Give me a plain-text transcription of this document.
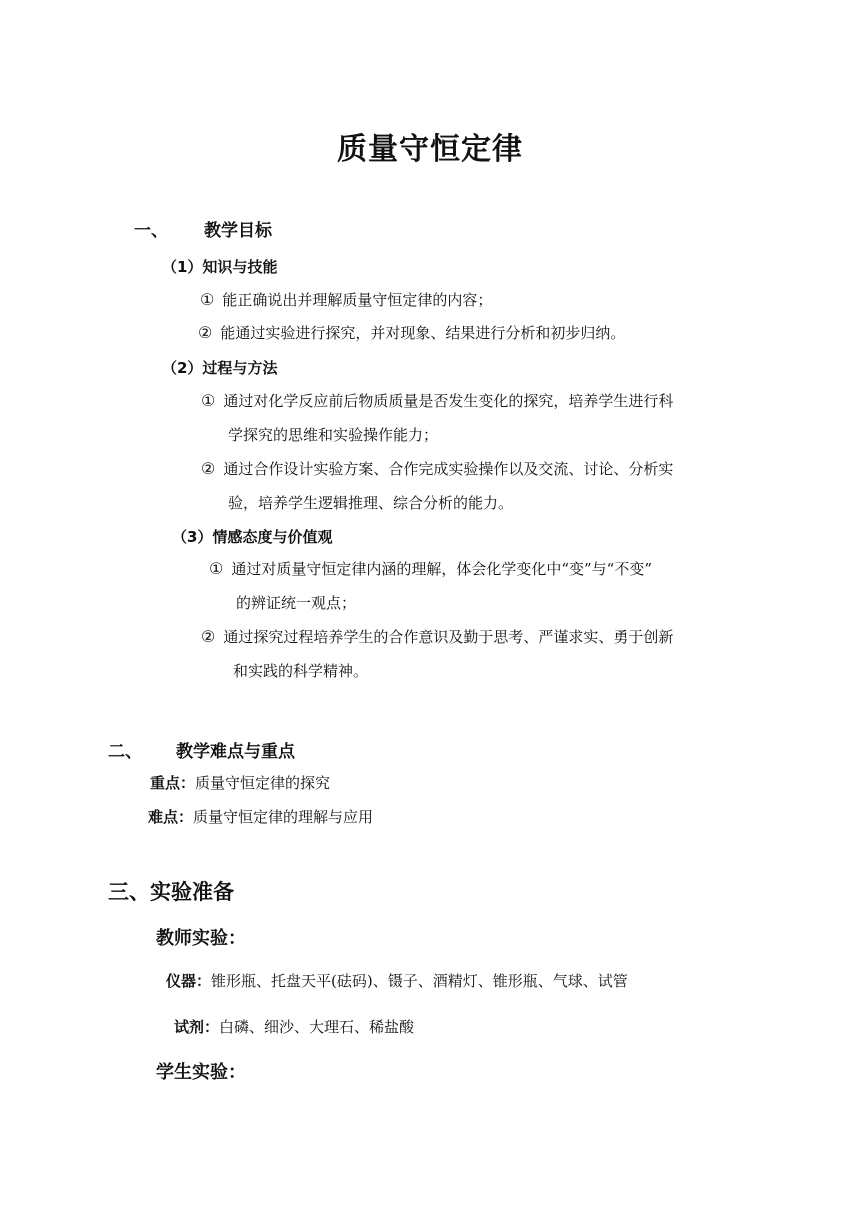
质量守恒定律
一、 教学目标
（1）知识与技能
① 能正确说出并理解质量守恒定律的内容；
② 能通过实验进行探究，并对现象、结果进行分析和初步归纳。
（2）过程与方法
① 通过对化学反应前后物质质量是否发生变化的探究，培养学生进行科
学探究的思维和实验操作能力；
② 通过合作设计实验方案、合作完成实验操作以及交流、讨论、分析实
验，培养学生逻辑推理、综合分析的能力。
（3）情感态度与价值观
① 通过对质量守恒定律内涵的理解，体会化学变化中“变”与“不变”
的辨证统一观点；
② 通过探究过程培养学生的合作意识及勤于思考、严谨求实、勇于创新
和实践的科学精神。
二、 教学难点与重点
重点：质量守恒定律的探究
难点：质量守恒定律的理解与应用
三、实验准备
教师实验：
仪器：锥形瓶、托盘天平(砝码)、镊子、酒精灯、锥形瓶、气球、试管
试剂：白磷、细沙、大理石、稀盐酸
学生实验：
